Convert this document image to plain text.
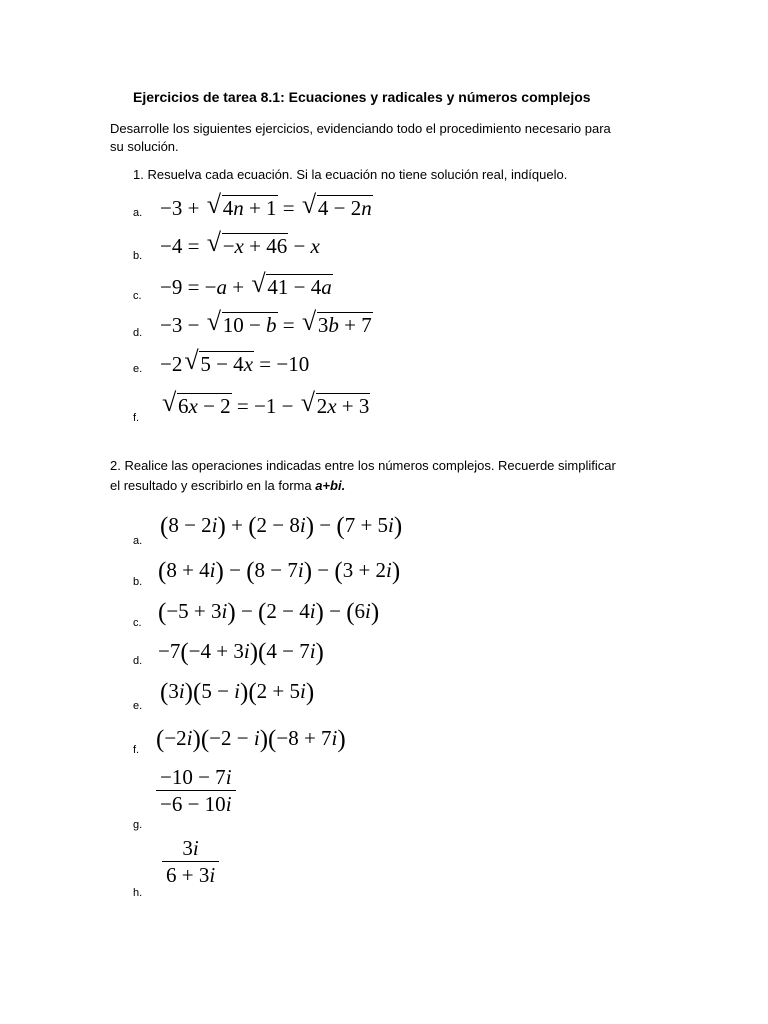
Ejercicios de tarea 8.1: Ecuaciones y radicales y números complejos
Desarrolle los siguientes ejercicios, evidenciando todo el procedimiento necesario para
su solución.
1. Resuelva cada ecuación. Si la ecuación no tiene solución real, indíquelo.
a.
b.
c.
d.
e.
f.
−3 + √ 4n + 1 = √ 4 − 2n
−4 = √ −x + 46 − x
−9 = −a + √ 41 − 4a
−3 − √ 10 − b = √ 3b + 7
−2√ 5 − 4x = −10
√ 6x − 2 = −1 − √ 2x + 3
2. Realice las operaciones indicadas entre los números complejos. Recuerde simplificar
el resultado y escribirlo en la forma a+bi.
a.
b.
c.
d.
e.
f.
g.
h.
(8 − 2i) + (2 − 8i) − (7 + 5i)
(8 + 4i) − (8 − 7i) − (3 + 2i)
(−5 + 3i) − (2 − 4i) − (6i)
−7(−4 + 3i)(4 − 7i)
(3i)(5 − i)(2 + 5i)
(−2i)(−2 − i)(−8 + 7i)
−10 − 7i
−6 − 10i
3i
6 + 3i
